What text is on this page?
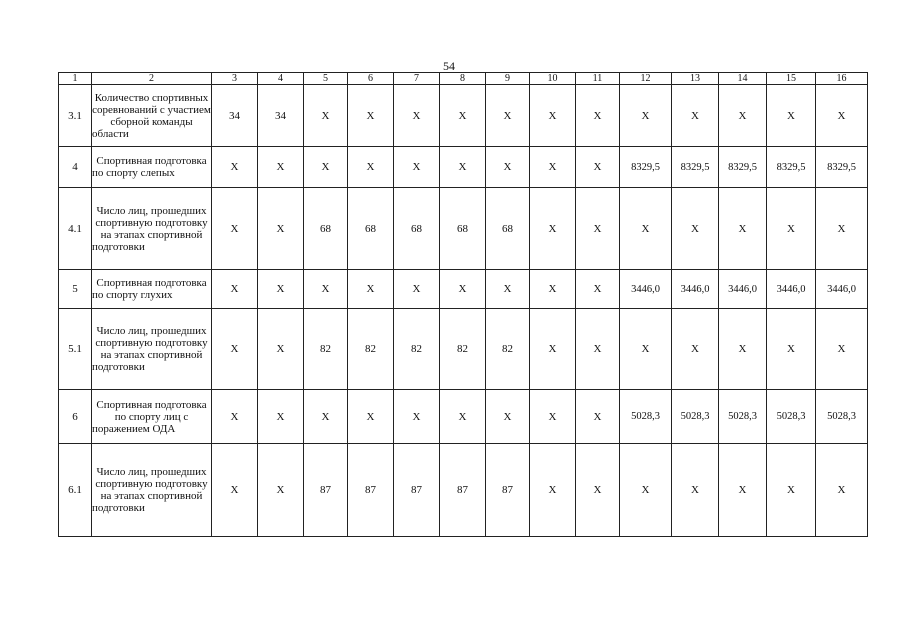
54
1	2	3	4	5	6	7	8	9	10	11	12	13	14	15	16
3.1	Количество спортивных соревнований с участием сборной команды области	34	34	Х	Х	Х	Х	Х	Х	Х	Х	Х	Х	Х	Х
4	Спортивная подготовка по спорту слепых	Х	Х	Х	Х	Х	Х	Х	Х	Х	8329,5	8329,5	8329,5	8329,5	8329,5
4.1	Число лиц, прошедших спортивную подготовку на этапах спортивной подготовки	Х	Х	68	68	68	68	68	Х	Х	Х	Х	Х	Х	Х
5	Спортивная подготовка по спорту глухих	Х	Х	Х	Х	Х	Х	Х	Х	Х	3446,0	3446,0	3446,0	3446,0	3446,0
5.1	Число лиц, прошедших спортивную подготовку на этапах спортивной подготовки	Х	Х	82	82	82	82	82	Х	Х	Х	Х	Х	Х	Х
6	Спортивная подготовка по спорту лиц с поражением ОДА	Х	Х	Х	Х	Х	Х	Х	Х	Х	5028,3	5028,3	5028,3	5028,3	5028,3
6.1	Число лиц, прошедших спортивную подготовку на этапах спортивной подготовки	Х	Х	87	87	87	87	87	Х	Х	Х	Х	Х	Х	Х
